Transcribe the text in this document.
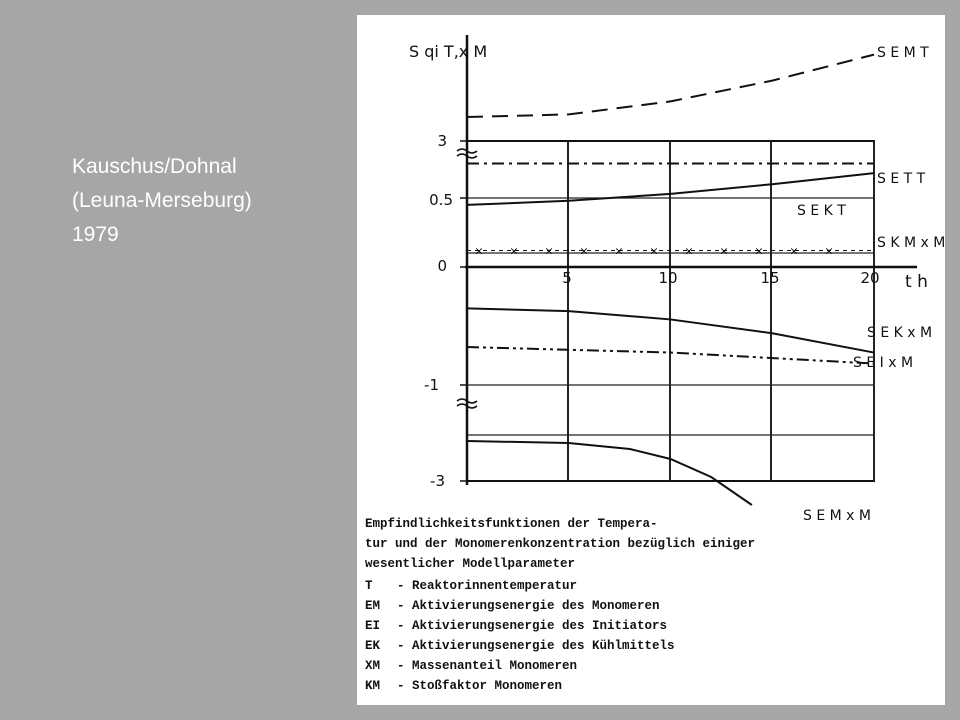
Kauschus/Dohnal
(Leuna-Merseburg)
1979
3
0.5
0
-1
-3
5	10	15	20 t h
S qi T,x M
× × × × × × × × × × ×
S E M T
S E T T
S E K T
S K M x M
S E K x M
S E I x M
S E M x M
Empfindlichkeitsfunktionen der Tempera-
tur und der Monomerenkonzentration bezüglich einiger
wesentlicher Modellparameter
T - Reaktorinnentemperatur
EM - Aktivierungsenergie des Monomeren
EI - Aktivierungsenergie des Initiators
EK - Aktivierungsenergie des Kühlmittels
XM - Massenanteil Monomeren
KM - Stoßfaktor Monomeren
